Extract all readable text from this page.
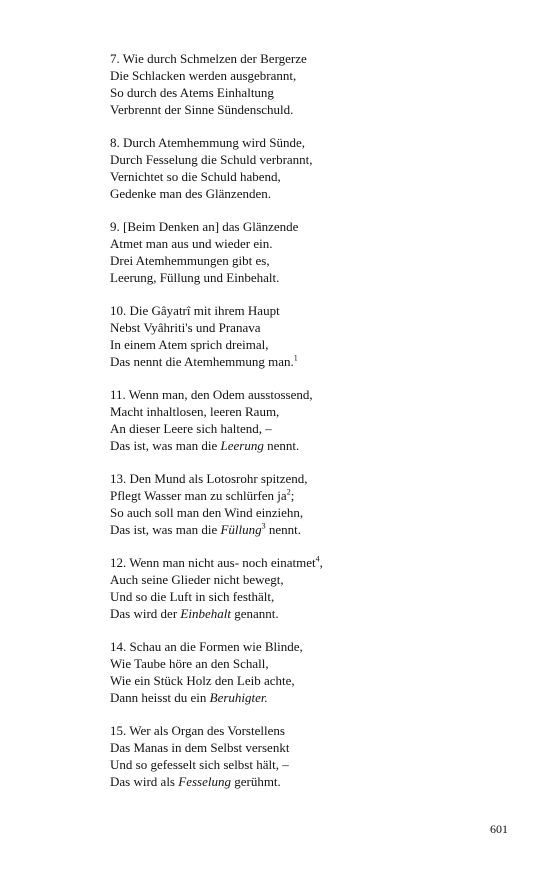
7. Wie durch Schmelzen der Bergerze
Die Schlacken werden ausgebrannt,
So durch des Atems Einhaltung
Verbrennt der Sinne Sündenschuld.
8. Durch Atemhemmung wird Sünde,
Durch Fesselung die Schuld verbrannt,
Vernichtet so die Schuld habend,
Gedenke man des Glänzenden.
9. [Beim Denken an] das Glänzende
Atmet man aus und wieder ein.
Drei Atemhemmungen gibt es,
Leerung, Füllung und Einbehalt.
10. Die Gâyatrî mit ihrem Haupt
Nebst Vyâhriti's und Pranava
In einem Atem sprich dreimal,
Das nennt die Atemhemmung man.$^1$
11. Wenn man, den Odem ausstossend,
Macht inhaltlosen, leeren Raum,
An dieser Leere sich haltend, –
Das ist, was man die Leerung nennt.
13. Den Mund als Lotosrohr spitzend,
Pflegt Wasser man zu schlürfen $ja^2$;
So auch soll man den Wind einziehn,
Das ist, was man die Füllung$^3$ nennt.
12. Wenn man nicht aus- noch einatmet$^4$,
Auch seine Glieder nicht bewegt,
Und so die Luft in sich festhält,
Das wird der Einbehalt genannt.
14. Schau an die Formen wie Blinde,
Wie Taube höre an den Schall,
Wie ein Stück Holz den Leib achte,
Dann heisst du ein Beruhigter.
15. Wer als Organ des Vorstellens
Das Manas in dem Selbst versenkt
Und so gefesselt sich selbst hält, –
Das wird als Fesselung gerühmt.
601
